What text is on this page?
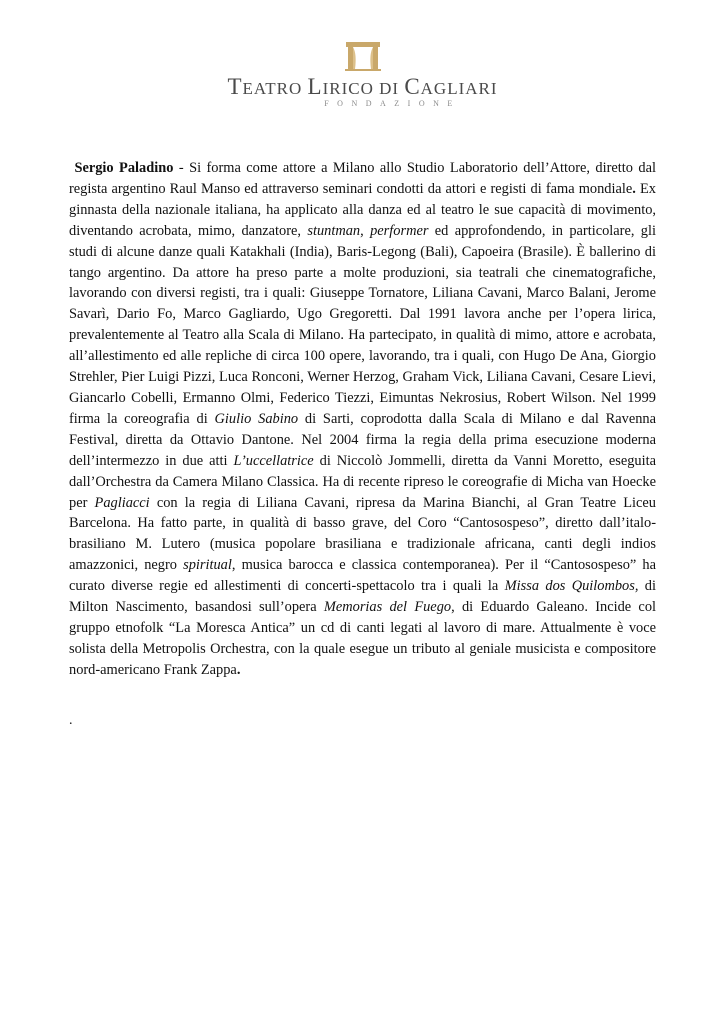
TEATRO LIRICO DI CAGLIARI
FONDAZIONE

Sergio Paladino - Si forma come attore a Milano allo Studio Laboratorio dell’Attore, diretto dal regista argentino Raul Manso ed attraverso seminari condotti da attori e registi di fama mondiale. Ex ginnasta della nazionale italiana, ha applicato alla danza ed al teatro le sue capacità di movimento, diventando acrobata, mimo, danzatore, stuntman, performer ed approfondendo, in particolare, gli studi di alcune danze quali Katakhali (India), Baris-Legong (Bali), Capoeira (Brasile). È ballerino di tango argentino. Da attore ha preso parte a molte produzioni, sia teatrali che cinematografiche, lavorando con diversi registi, tra i quali: Giuseppe Tornatore, Liliana Cavani, Marco Balani, Jerome Savarì, Dario Fo, Marco Gagliardo, Ugo Gregoretti. Dal 1991 lavora anche per l’opera lirica, prevalentemente al Teatro alla Scala di Milano. Ha partecipato, in qualità di mimo, attore e acrobata, all’allestimento ed alle repliche di circa 100 opere, lavorando, tra i quali, con Hugo De Ana, Giorgio Strehler, Pier Luigi Pizzi, Luca Ronconi, Werner Herzog, Graham Vick, Liliana Cavani, Cesare Lievi, Giancarlo Cobelli, Ermanno Olmi, Federico Tiezzi, Eimuntas Nekrosius, Robert Wilson. Nel 1999 firma la coreografia di Giulio Sabino di Sarti, coprodotta dalla Scala di Milano e dal Ravenna Festival, diretta da Ottavio Dantone. Nel 2004 firma la regia della prima esecuzione moderna dell’intermezzo in due atti L’uccellatrice di Niccolò Jommelli, diretta da Vanni Moretto, eseguita dall’Orchestra da Camera Milano Classica. Ha di recente ripreso le coreografie di Micha van Hoecke per Pagliacci con la regia di Liliana Cavani, ripresa da Marina Bianchi, al Gran Teatre Liceu Barcelona. Ha fatto parte, in qualità di basso grave, del Coro “Cantosospeso”, diretto dall’italo-brasiliano M. Lutero (musica popolare brasiliana e tradizionale africana, canti degli indios amazzonici, negro spiritual, musica barocca e classica contemporanea). Per il “Cantosospeso” ha curato diverse regie ed allestimenti di concerti-spettacolo tra i quali la Missa dos Quilombos, di Milton Nascimento, basandosi sull’opera Memorias del Fuego, di Eduardo Galeano. Incide col gruppo etnofolk “La Moresca Antica” un cd di canti legati al lavoro di mare. Attualmente è voce solista della Metropolis Orchestra, con la quale esegue un tributo al geniale musicista e compositore nord-americano Frank Zappa.

.
